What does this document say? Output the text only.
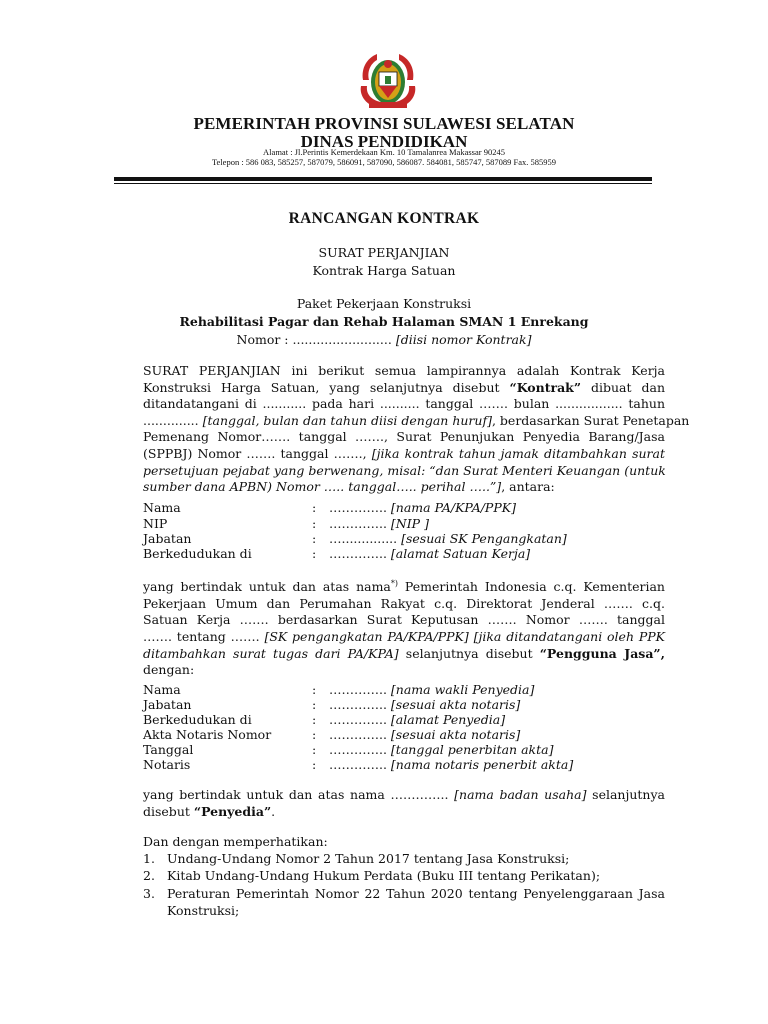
PEMERINTAH PROVINSI SULAWESI SELATAN
DINAS PENDIDIKAN
Alamat : Jl.Perintis Kemerdekaan Km. 10 Tamalanrea Makassar 90245
Telepon : 586 083, 585257, 587079, 586091, 587090, 586087. 584081, 585747, 587089 Fax. 585959
RANCANGAN KONTRAK
SURAT PERJANJIAN
Kontrak Harga Satuan
Paket Pekerjaan Konstruksi
Rehabilitasi Pagar dan Rehab Halaman SMAN 1 Enrekang
Nomor : ......................... [diisi nomor Kontrak]
SURAT PERJANJIAN ini berikut semua lampirannya adalah Kontrak Kerja
Konstruksi Harga Satuan, yang selanjutnya disebut “Kontrak” dibuat dan
ditandatangani di ........... pada hari .......... tanggal ……. bulan ................. tahun
.............. [tanggal, bulan dan tahun diisi dengan huruf], berdasarkan Surat Penetapan
Pemenang Nomor……. tanggal ……., Surat Penunjukan Penyedia Barang/Jasa
(SPPBJ) Nomor ……. tanggal ……., [jika kontrak tahun jamak ditambahkan surat
persetujuan pejabat yang berwenang, misal: “dan Surat Menteri Keuangan (untuk
sumber dana APBN) Nomor ….. tanggal….. perihal …..”], antara:
Nama	: ………….. [nama PA/KPA/PPK]
NIP	: ………….. [NIP ]
Jabatan	: ….............. [sesuai SK Pengangkatan]
Berkedudukan di	: ………….. [alamat Satuan Kerja]
yang bertindak untuk dan atas nama*) Pemerintah Indonesia c.q. Kementerian
Pekerjaan Umum dan Perumahan Rakyat c.q. Direktorat Jenderal ……. c.q.
Satuan Kerja ……. berdasarkan Surat Keputusan ……. Nomor ……. tanggal
……. tentang ……. [SK pengangkatan PA/KPA/PPK] [jika ditandatangani oleh PPK
ditambahkan surat tugas dari PA/KPA] selanjutnya disebut “Pengguna Jasa”,
dengan:
Nama	: ………….. [nama wakli Penyedia]
Jabatan	: ………….. [sesuai akta notaris]
Berkedudukan di	: ………….. [alamat Penyedia]
Akta Notaris Nomor	: ………….. [sesuai akta notaris]
Tanggal	: ………….. [tanggal penerbitan akta]
Notaris	: ………….. [nama notaris penerbit akta]
yang bertindak untuk dan atas nama ………….. [nama badan usaha] selanjutnya
disebut “Penyedia”.
Dan dengan memperhatikan:
1. Undang-Undang Nomor 2 Tahun 2017 tentang Jasa Konstruksi;
2. Kitab Undang-Undang Hukum Perdata (Buku III tentang Perikatan);
3. Peraturan Pemerintah Nomor 22 Tahun 2020 tentang Penyelenggaraan Jasa Konstruksi;
